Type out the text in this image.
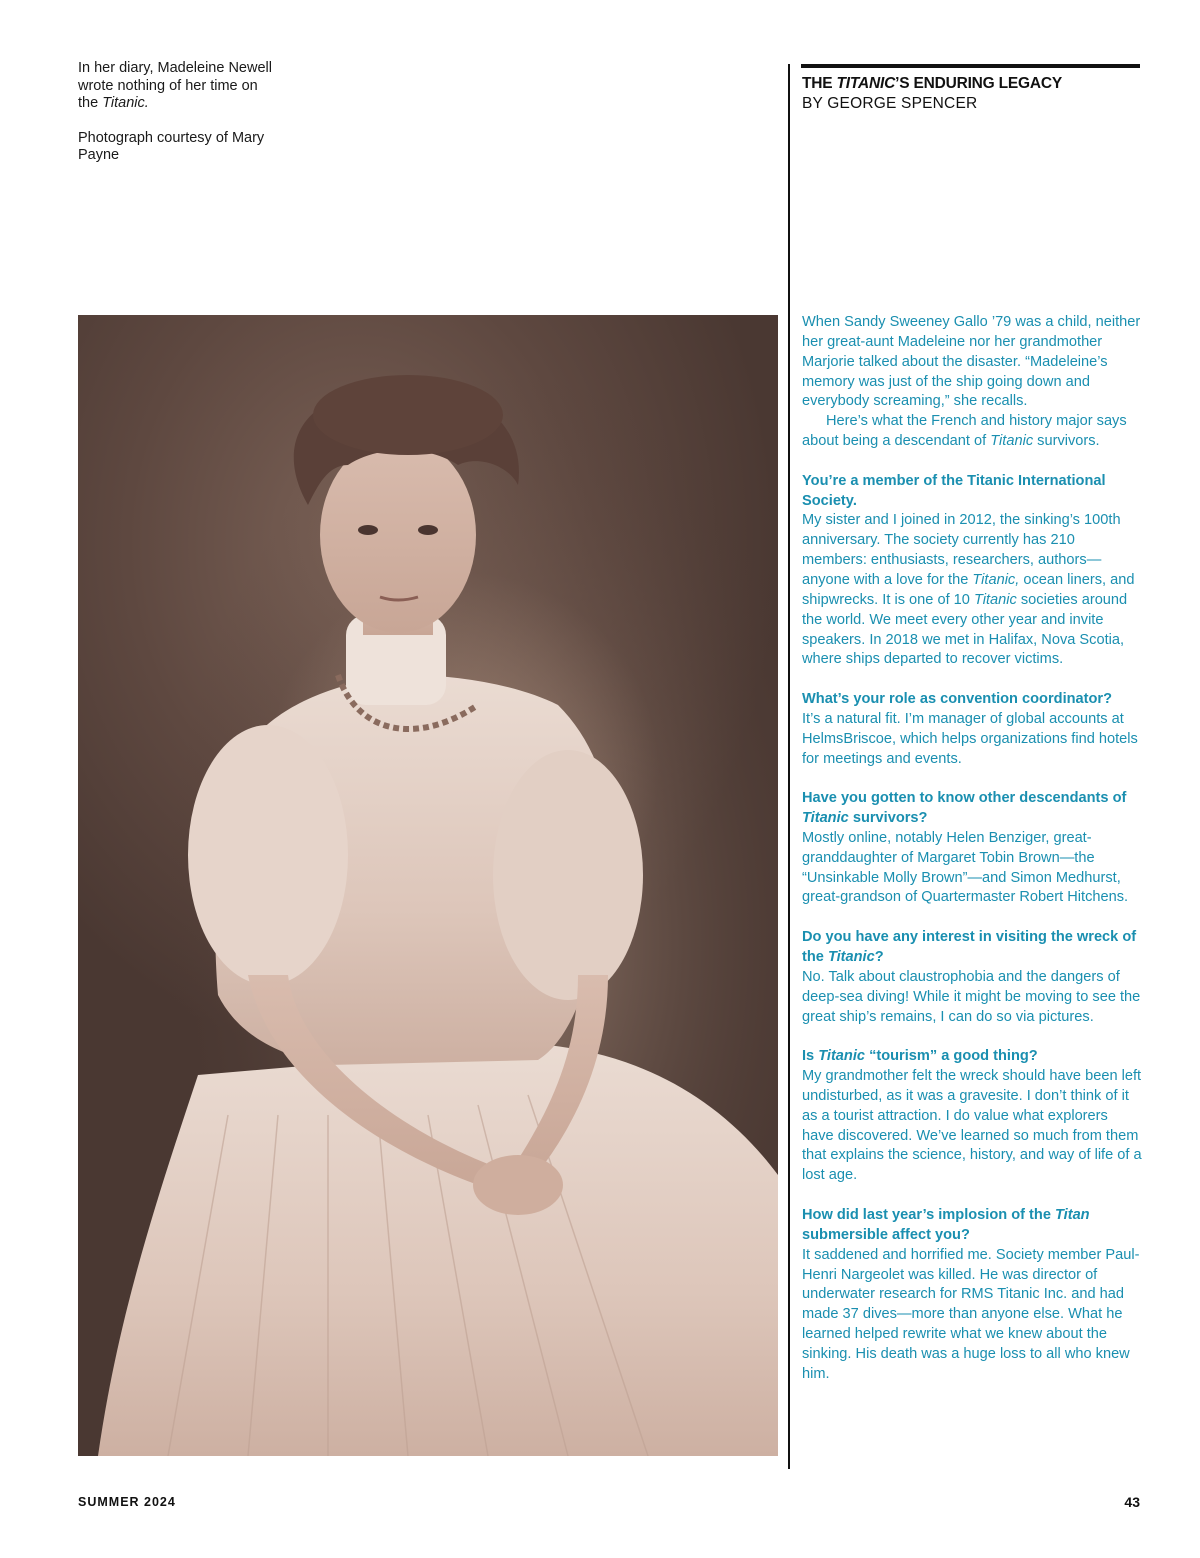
In her diary, Madeleine Newell wrote nothing of her time on the Titanic.

Photograph courtesy of Mary Payne

THE TITANIC’S ENDURING LEGACY
BY GEORGE SPENCER

When Sandy Sweeney Gallo ’79 was a child, neither her great-aunt Madeleine nor her grandmother Marjorie talked about the disaster. “Madeleine’s memory was just of the ship going down and everybody screaming,” she recalls.

Here’s what the French and history major says about being a descendant of Titanic survivors.

You’re a member of the Titanic International Society.

My sister and I joined in 2012, the sinking’s 100th anniversary. The society currently has 210 members: enthusiasts, researchers, authors—anyone with a love for the Titanic, ocean liners, and shipwrecks. It is one of 10 Titanic societies around the world. We meet every other year and invite speakers. In 2018 we met in Halifax, Nova Scotia, where ships departed to recover victims.

What’s your role as convention coordinator?

It’s a natural fit. I’m manager of global accounts at HelmsBriscoe, which helps organizations find hotels for meetings and events.

Have you gotten to know other descendants of Titanic survivors?

Mostly online, notably Helen Benziger, great-granddaughter of Margaret Tobin Brown—the “Unsinkable Molly Brown”—and Simon Medhurst, great-grandson of Quartermaster Robert Hitchens.

Do you have any interest in visiting the wreck of the Titanic?

No. Talk about claustrophobia and the dangers of deep-sea diving! While it might be moving to see the great ship’s remains, I can do so via pictures.

Is Titanic “tourism” a good thing?

My grandmother felt the wreck should have been left undisturbed, as it was a gravesite. I don’t think of it as a tourist attraction. I do value what explorers have discovered. We’ve learned so much from them that explains the science, history, and way of life of a lost age.

How did last year’s implosion of the Titan submersible affect you?

It saddened and horrified me. Society member Paul-Henri Nargeolet was killed. He was director of underwater research for RMS Titanic Inc. and had made 37 dives—more than anyone else. What he learned helped rewrite what we knew about the sinking. His death was a huge loss to all who knew him.

SUMMER 2024	43
